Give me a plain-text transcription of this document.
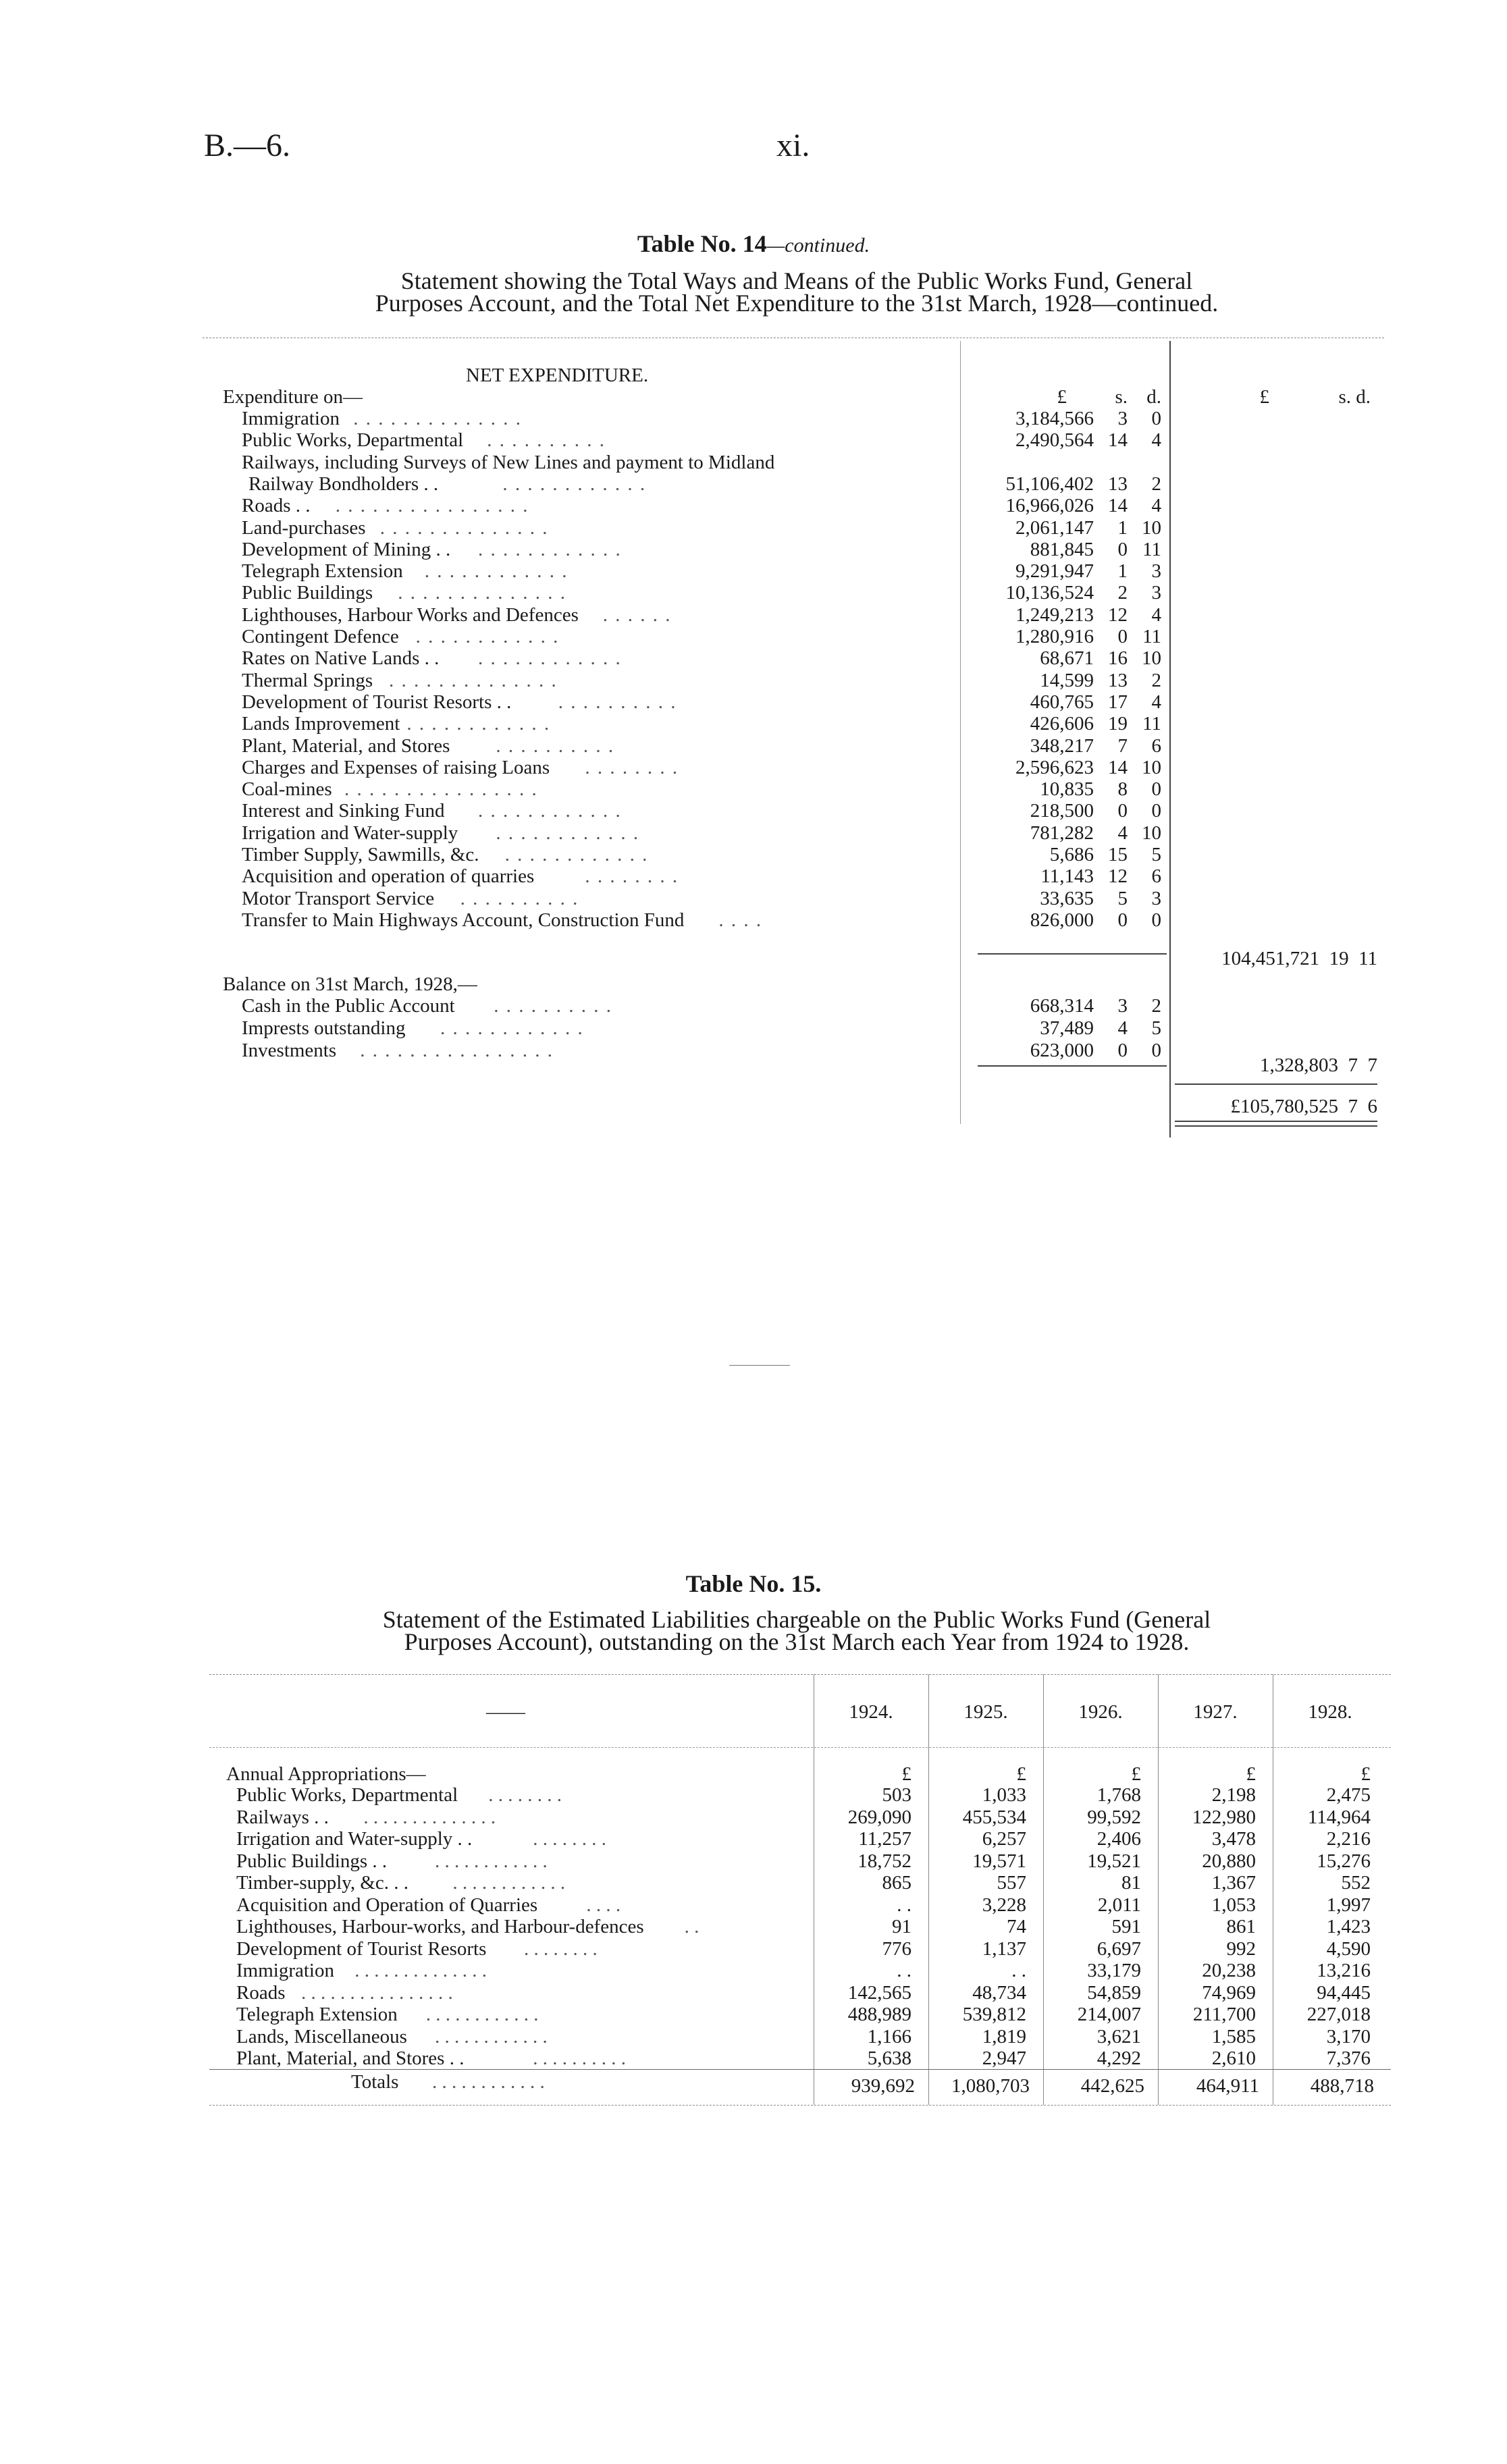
B.—6.	xi.
Table No. 14—continued.
Statement showing the Total Ways and Means of the Public Works Fund, General
Purposes Account, and the Total Net Expenditure to the 31st March, 1928—continued.
NET EXPENDITURE.
Expenditure on—	£	s. d.	£	s. d.
Immigration . . . . . . . . . . . . . .	3,184,566	3	0
Public Works, Departmental . . . . . . . . . .	2,490,564 14	4
Railways, including Surveys of New Lines and payment to Midland
Railway Bondholders . .	. . . . . . . . . . . .	51,106,402 13	2
Roads . . . . . . . . . . . . . . . . . .	16,966,026 14	4
Land-purchases . . . . . . . . . . . . . .	2,061,147	1 10
Development of Mining . . . . . . . . . . . . . .	881,845	0 11
Telegraph Extension . . . . . . . . . . . .	9,291,947	1	3
Public Buildings . . . . . . . . . . . . . .	10,136,524	2	3
Lighthouses, Harbour Works and Defences . . . . . .	1,249,213 12	4
Contingent Defence . . . . . . . . . . . .	1,280,916	0 11
Rates on Native Lands . . . . . . . . . . . . . .	68,671 16 10
Thermal Springs . . . . . . . . . . . . . .	14,599 13	2
Development of Tourist Resorts . . . . . . . . . . . .	460,765 17	4
Lands Improvement . . . . . . . . . . . .	426,606 19 11
Plant, Material, and Stores . . . . . . . . . .	348,217	7	6
Charges and Expenses of raising Loans . . . . . . . .	2,596,623 14 10
Coal-mines . . . . . . . . . . . . . . . .	10,835	8	0
Interest and Sinking Fund . . . . . . . . . . . .	218,500	0	0
Irrigation and Water-supply . . . . . . . . . . . .	781,282	4 10
Timber Supply, Sawmills, &c. . . . . . . . . . . . .	5,686 15	5
Acquisition and operation of quarries	. . . . . . . .	11,143 12	6
Motor Transport Service . . . . . . . . . .	33,635	5	3
Transfer to Main Highways Account, Construction Fund . . . .	826,000	0	0
104,451,721 19 11
Balance on 31st March, 1928,—
Cash in the Public Account . . . . . . . . . .	668,314	3	2
Imprests outstanding . . . . . . . . . . . .	37,489	4	5
Investments . . . . . . . . . . . . . . . .	623,000	0	0
1,328,803 7 7
£105,780,525 7 6
Table No. 15.
Statement of the Estimated Liabilities chargeable on the Public Works Fund (General
Purposes Account), outstanding on the 31st March each Year from 1924 to 1928.
——	1924.	1925.	1926.	1927.	1928.
£	£	£	£	£
Annual Appropriations—
Public Works, Departmental . . . . . . . .	503	1,033	1,768	2,198	2,475
Railways . . . . . . . . . . . . . . . .	269,090	455,534	99,592	122,980	114,964
Irrigation and Water-supply . .	. . . . . . . .	11,257	6,257	2,406	3,478	2,216
Public Buildings . . . . . . . . . . . . . .	18,752	19,571	19,521	20,880	15,276
Timber-supply, &c. . . . . . . . . . . . . . .	865	557	81	1,367	552
Acquisition and Operation of Quarries . . . .	. .	3,228	2,011	1,053	1,997
Lighthouses, Harbour-works, and Harbour-defences . .	91	74	591	861	1,423
Development of Tourist Resorts . . . . . . . .	776	1,137	6,697	992	4,590
Immigration . . . . . . . . . . . . . .	. .	. .	33,179	20,238	13,216
Roads . . . . . . . . . . . . . . . .	142,565	48,734	54,859	74,969	94,445
Telegraph Extension . . . . . . . . . . . .	488,989	539,812	214,007	211,700	227,018
Lands, Miscellaneous . . . . . . . . . . . .	1,166	1,819	3,621	1,585	3,170
Plant, Material, and Stores . .	. . . . . . . . . .	5,638	2,947	4,292	2,610	7,376
Totals . . . . . . . . . . . .	939,692	1,080,703	442,625	464,911	488,718
